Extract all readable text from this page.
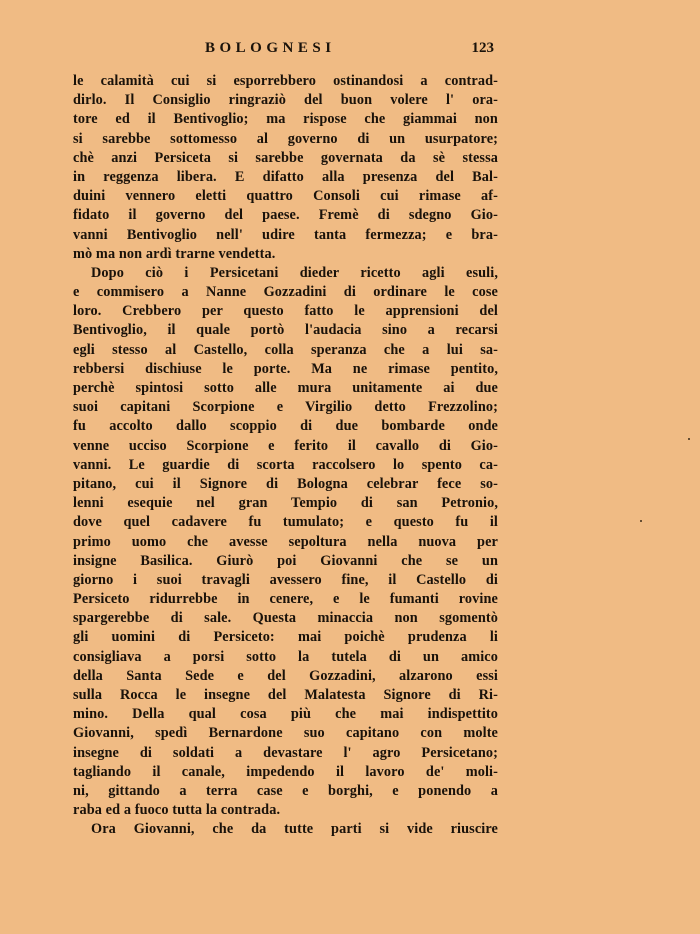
BOLOGNESI	123
le calamità cui si esporrebbero ostinandosi a contrad-
dirlo. Il Consiglio ringraziò del buon volere l' ora-
tore ed il Bentivoglio; ma rispose che giammai non
si sarebbe sottomesso al governo di un usurpatore;
chè anzi Persiceta si sarebbe governata da sè stessa
in reggenza libera. E difatto alla presenza del Bal-
duini vennero eletti quattro Consoli cui rimase af-
fidato il governo del paese. Fremè di sdegno Gio-
vanni Bentivoglio nell' udire tanta fermezza; e bra-
mò ma non ardì trarne vendetta.
Dopo ciò i Persicetani dieder ricetto agli esuli,
e commisero a Nanne Gozzadini di ordinare le cose
loro. Crebbero per questo fatto le apprensioni del
Bentivoglio, il quale portò l'audacia sino a recarsi
egli stesso al Castello, colla speranza che a lui sa-
rebbersi dischiuse le porte. Ma ne rimase pentito,
perchè spintosi sotto alle mura unitamente ai due
suoi capitani Scorpione e Virgilio detto Frezzolino;
fu accolto dallo scoppio di due bombarde onde
venne ucciso Scorpione e ferito il cavallo di Gio-
vanni. Le guardie di scorta raccolsero lo spento ca-
pitano, cui il Signore di Bologna celebrar fece so-
lenni esequie nel gran Tempio di san Petronio,
dove quel cadavere fu tumulato; e questo fu il
primo uomo che avesse sepoltura nella nuova per
insigne Basilica. Giurò poi Giovanni che se un
giorno i suoi travagli avessero fine, il Castello di
Persiceto ridurrebbe in cenere, e le fumanti rovine
spargerebbe di sale. Questa minaccia non sgomentò
gli uomini di Persiceto: mai poichè prudenza li
consigliava a porsi sotto la tutela di un amico
della Santa Sede e del Gozzadini, alzarono essi
sulla Rocca le insegne del Malatesta Signore di Ri-
mino. Della qual cosa più che mai indispettito
Giovanni, spedì Bernardone suo capitano con molte
insegne di soldati a devastare l' agro Persicetano;
tagliando il canale, impedendo il lavoro de' moli-
ni, gittando a terra case e borghi, e ponendo a
raba ed a fuoco tutta la contrada.
Ora Giovanni, che da tutte parti si vide riuscire
